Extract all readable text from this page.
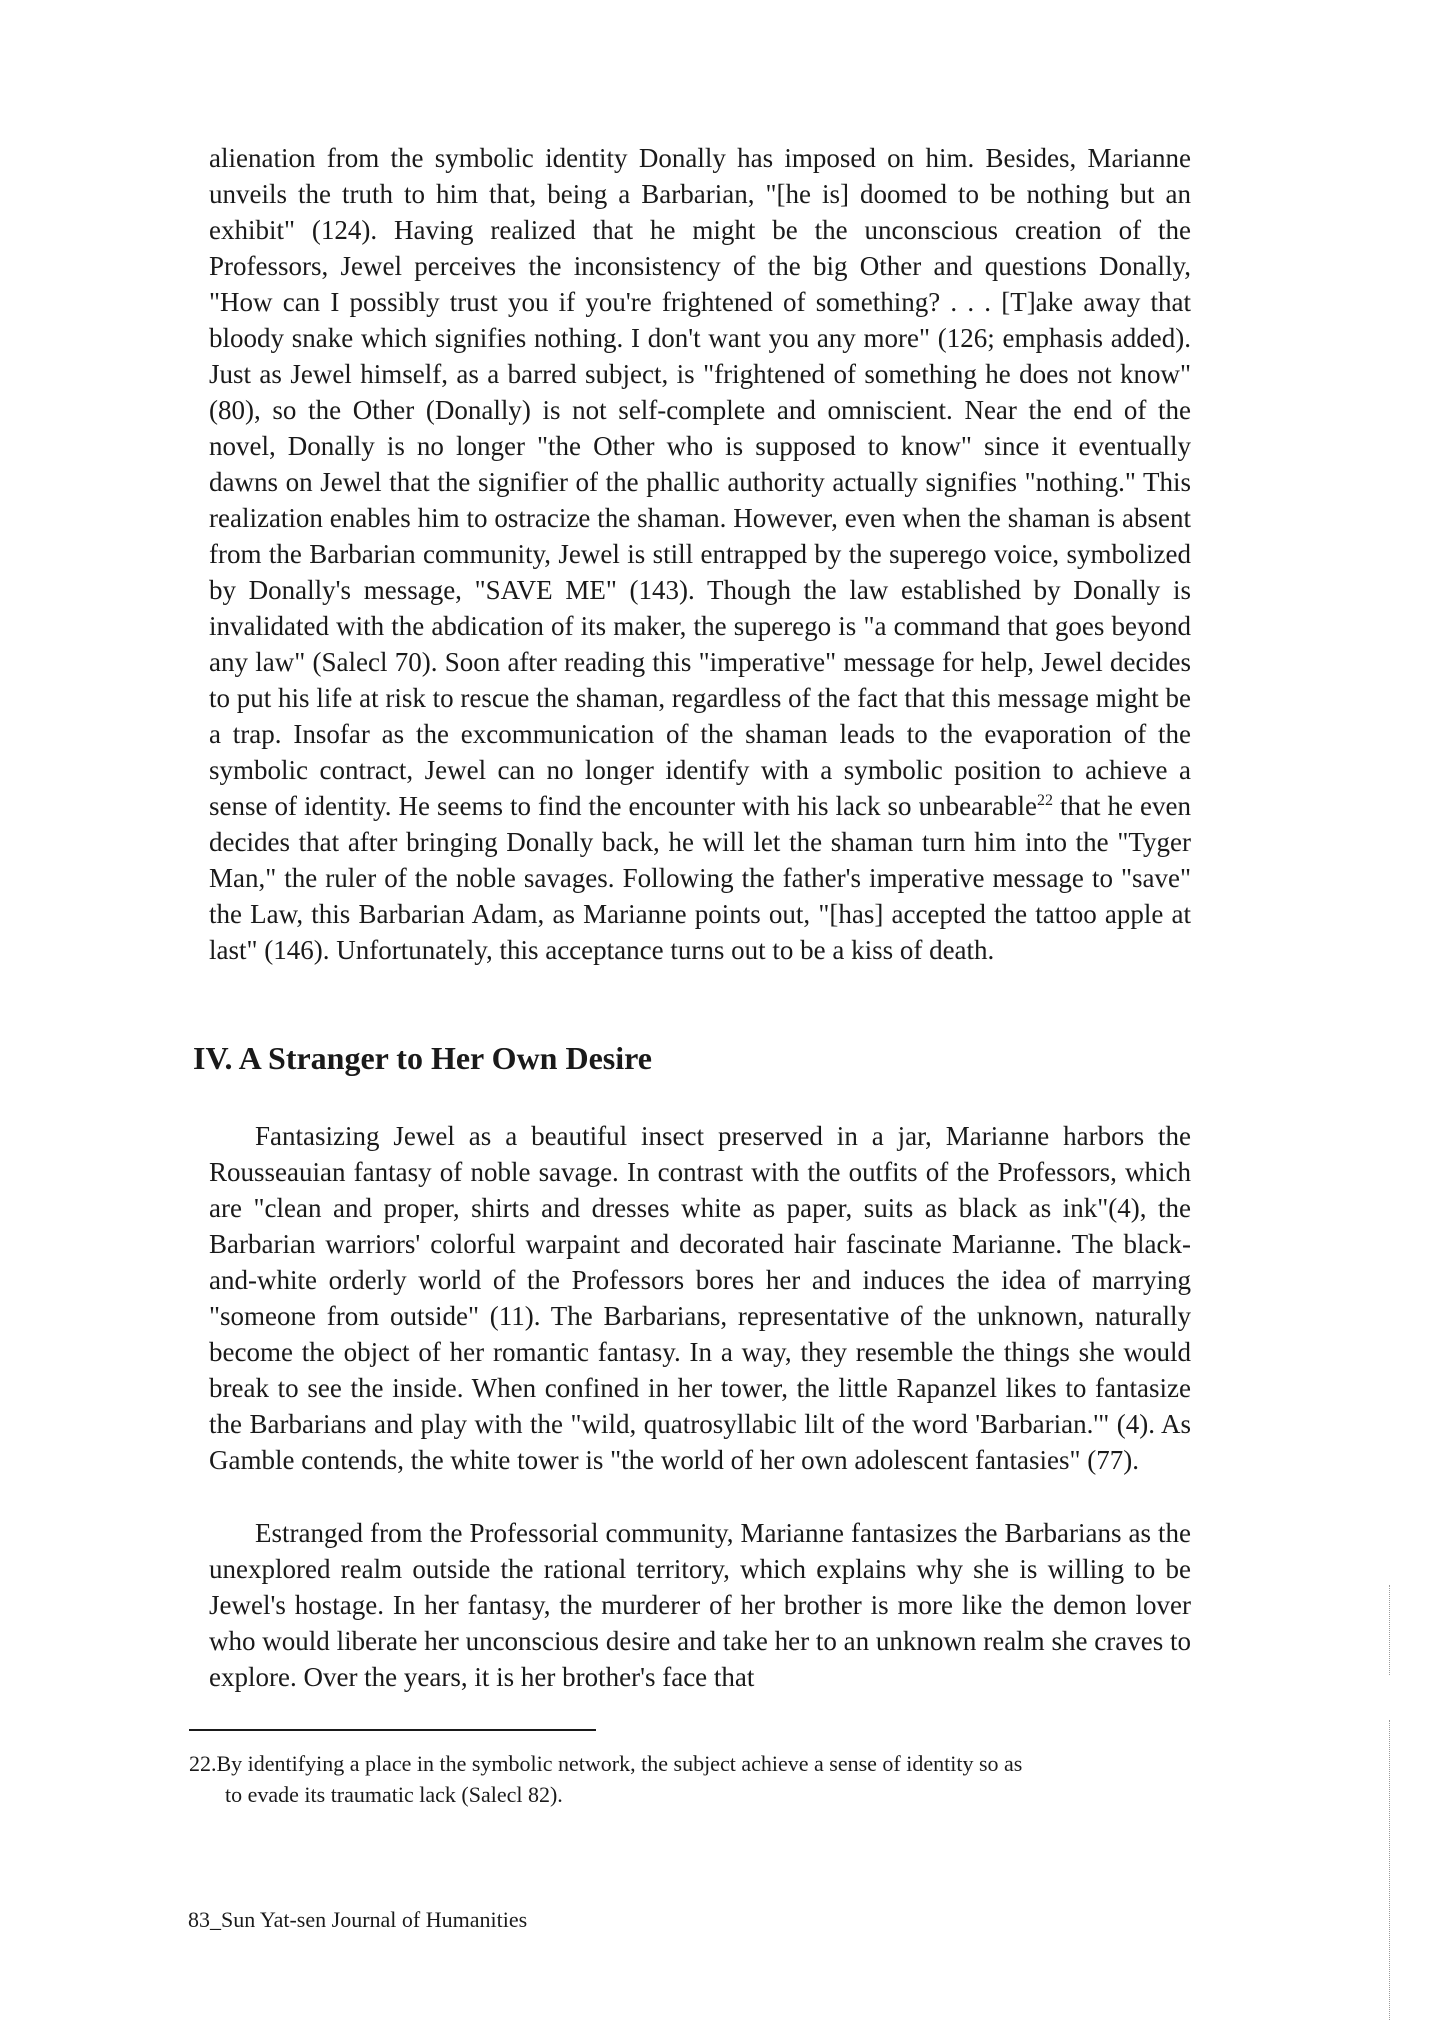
alienation from the symbolic identity Donally has imposed on him. Besides, Marianne unveils the truth to him that, being a Barbarian, "[he is] doomed to be nothing but an exhibit" (124). Having realized that he might be the unconscious creation of the Professors, Jewel perceives the inconsistency of the big Other and questions Donally, "How can I possibly trust you if you're frightened of something? . . . [T]ake away that bloody snake which signifies nothing. I don't want you any more" (126; emphasis added). Just as Jewel himself, as a barred subject, is "frightened of something he does not know" (80), so the Other (Donally) is not self-complete and omniscient. Near the end of the novel, Donally is no longer "the Other who is supposed to know" since it eventually dawns on Jewel that the signifier of the phallic authority actually signifies "nothing." This realization enables him to ostracize the shaman. However, even when the shaman is absent from the Barbarian community, Jewel is still entrapped by the superego voice, symbolized by Donally's message, "SAVE ME" (143). Though the law established by Donally is invalidated with the abdication of its maker, the superego is "a command that goes beyond any law" (Salecl 70). Soon after reading this "imperative" message for help, Jewel decides to put his life at risk to rescue the shaman, regardless of the fact that this message might be a trap. Insofar as the excommunication of the shaman leads to the evaporation of the symbolic contract, Jewel can no longer identify with a symbolic position to achieve a sense of identity. He seems to find the encounter with his lack so unbearable$^{22}$ that he even decides that after bringing Donally back, he will let the shaman turn him into the "Tyger Man," the ruler of the noble savages. Following the father's imperative message to "save" the Law, this Barbarian Adam, as Marianne points out, "[has] accepted the tattoo apple at last" (146). Unfortunately, this acceptance turns out to be a kiss of death.

IV. A Stranger to Her Own Desire

Fantasizing Jewel as a beautiful insect preserved in a jar, Marianne harbors the Rousseauian fantasy of noble savage. In contrast with the outfits of the Professors, which are "clean and proper, shirts and dresses white as paper, suits as black as ink"(4), the Barbarian warriors' colorful warpaint and decorated hair fascinate Marianne. The black-and-white orderly world of the Professors bores her and induces the idea of marrying "someone from outside" (11). The Barbarians, representative of the unknown, naturally become the object of her romantic fantasy. In a way, they resemble the things she would break to see the inside. When confined in her tower, the little Rapanzel likes to fantasize the Barbarians and play with the "wild, quatrosyllabic lilt of the word 'Barbarian.'" (4). As Gamble contends, the white tower is "the world of her own adolescent fantasies" (77).

Estranged from the Professorial community, Marianne fantasizes the Barbarians as the unexplored realm outside the rational territory, which explains why she is willing to be Jewel's hostage. In her fantasy, the murderer of her brother is more like the demon lover who would liberate her unconscious desire and take her to an unknown realm she craves to explore. Over the years, it is her brother's face that

22.By identifying a place in the symbolic network, the subject achieve a sense of identity so as
to evade its traumatic lack (Salecl 82).

83_Sun Yat-sen Journal of Humanities
